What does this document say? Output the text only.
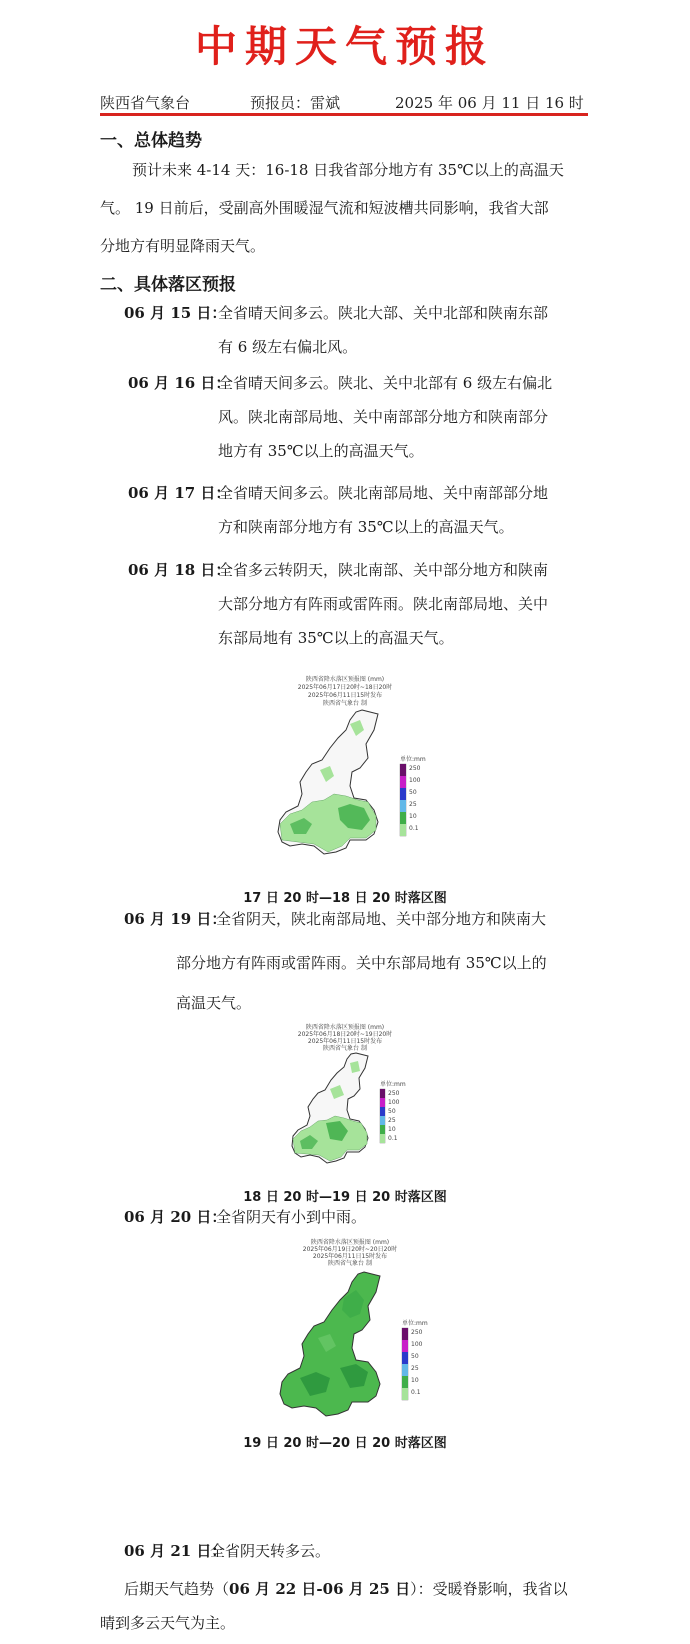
中期天气预报
陕西省气象台	预报员：雷斌	2025 年 06 月 11 日 16 时
一、总体趋势
预计未来 4-14 天：16-18 日我省部分地方有 35℃以上的高温天
气。 19 日前后，受副高外围暖湿气流和短波槽共同影响，我省大部
分地方有明显降雨天气。
二、具体落区预报
06 月 15 日：
全省晴天间多云。陕北大部、关中北部和陕南东部
有 6 级左右偏北风。
06 月 16 日：
全省晴天间多云。陕北、关中北部有 6 级左右偏北
风。陕北南部局地、关中南部部分地方和陕南部分
地方有 35℃以上的高温天气。
06 月 17 日：
全省晴天间多云。陕北南部局地、关中南部部分地
方和陕南部分地方有 35℃以上的高温天气。
06 月 18 日：
全省多云转阴天，陕北南部、关中部分地方和陕南
大部分地方有阵雨或雷阵雨。陕北南部局地、关中
东部局地有 35℃以上的高温天气。
陕西省降水落区预报图 (mm)
2025年06月17日20时~18日20时
2025年06月11日15时发布
陕西省气象台 制
单位:mm
250
100
50
25
10
0.1
17 日 20 时—18 日 20 时落区图
06 月 19 日：
全省阴天，陕北南部局地、关中部分地方和陕南大
部分地方有阵雨或雷阵雨。关中东部局地有 35℃以上的
高温天气。
陕西省降水落区预报图 (mm)
2025年06月18日20时~19日20时
2025年06月11日15时发布
陕西省气象台 制
单位:mm
250
100
50
25
10
0.1
18 日 20 时—19 日 20 时落区图
06 月 20 日：
全省阴天有小到中雨。
陕西省降水落区预报图 (mm)
2025年06月19日20时~20日20时
2025年06月11日15时发布
陕西省气象台 制
单位:mm
250
100
50
25
10
0.1
19 日 20 时—20 日 20 时落区图
06 月 21 日：
全省阴天转多云。
后期天气趋势（06 月 22 日-06 月 25 日）：受暖脊影响，我省以
晴到多云天气为主。
